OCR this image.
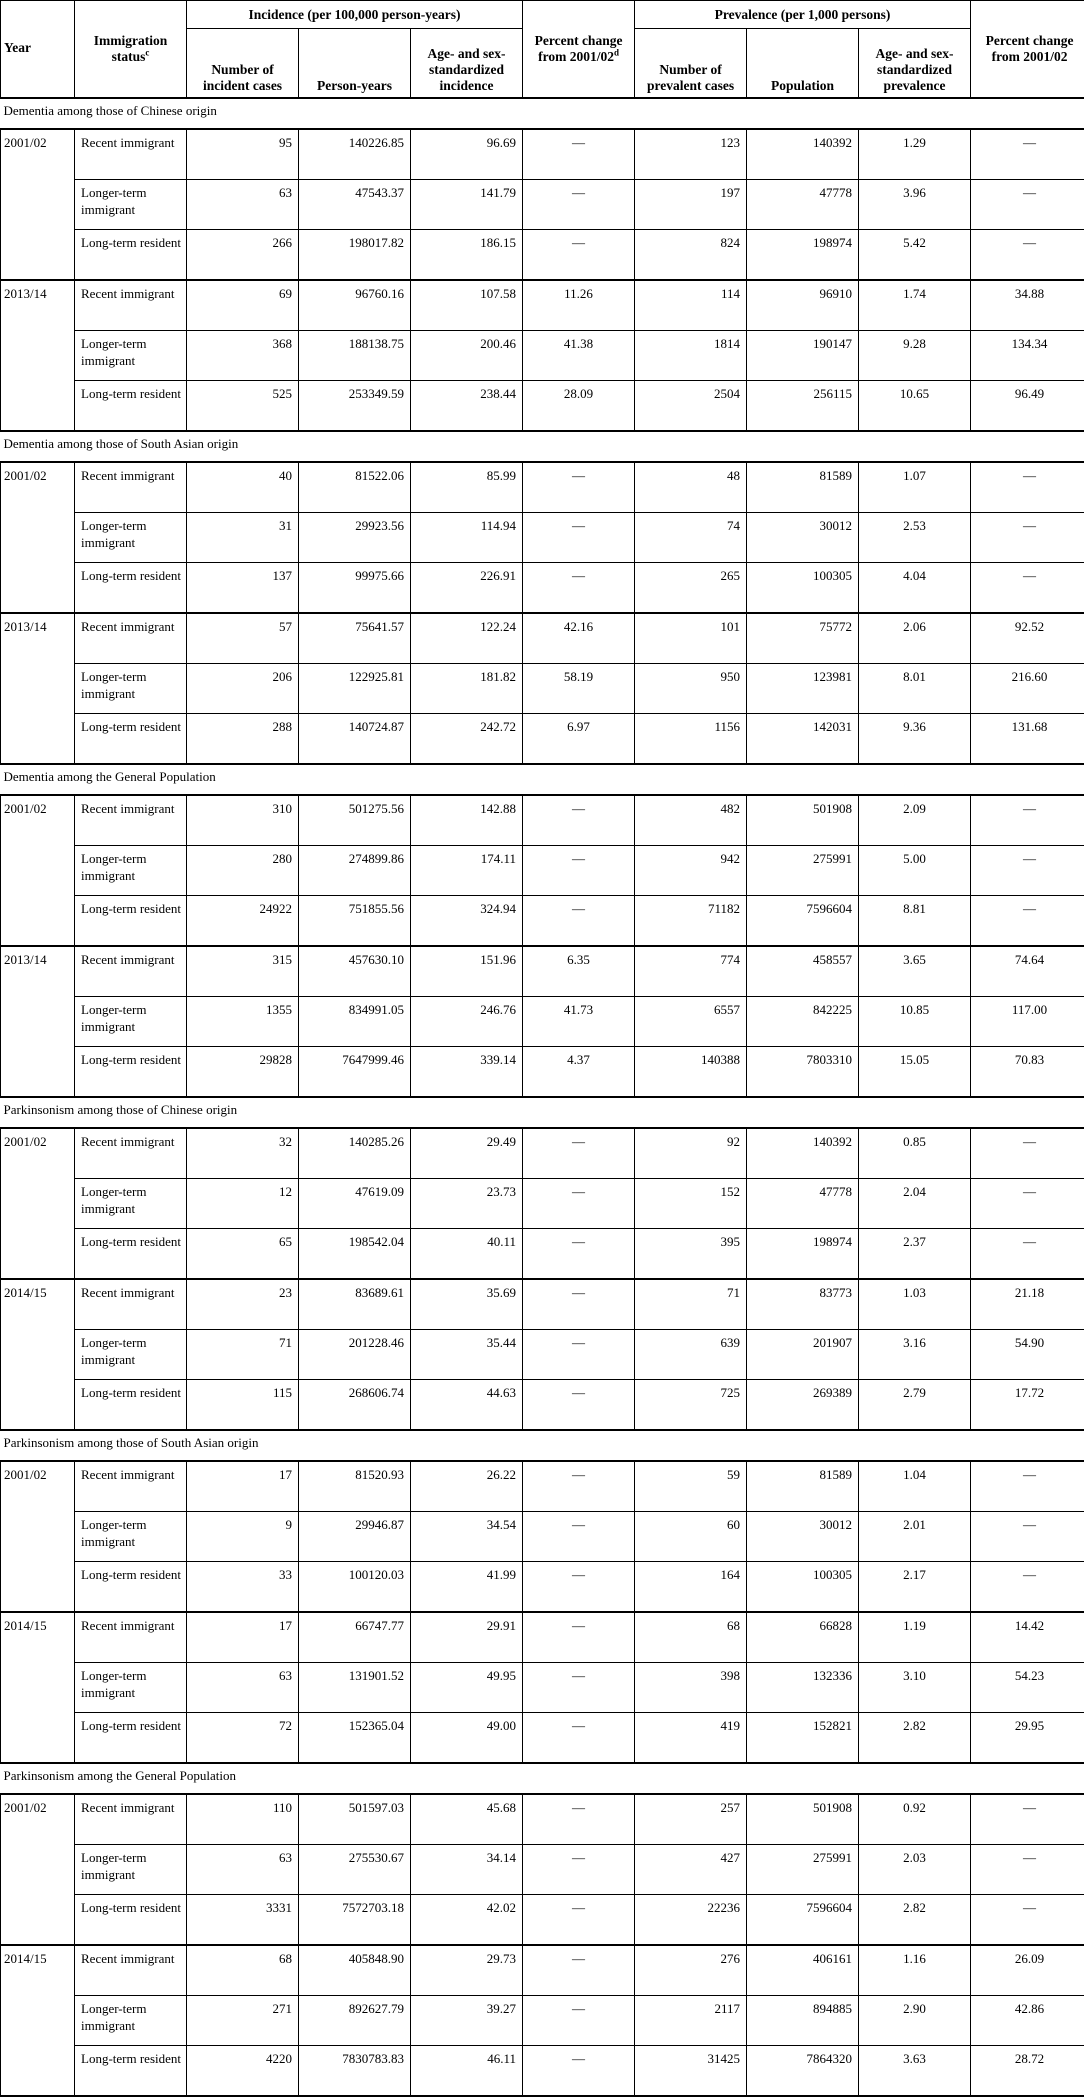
Year	Immigration status$^c$	Incidence (per 100,000 person-years)			Percent change from 2001/02$^d$	Prevalence (per 1,000 persons)			Percent change from 2001/02
		Number of incident cases	Person-years	Age- and sex-standardized incidence		Number of prevalent cases	Population	Age- and sex-standardized prevalence	
Dementia among those of Chinese origin									
2001/02	Recent immigrant	95	140226.85	96.69	—	123	140392	1.29	—
	Longer-term immigrant	63	47543.37	141.79	—	197	47778	3.96	—
	Long-term resident	266	198017.82	186.15	—	824	198974	5.42	—
2013/14	Recent immigrant	69	96760.16	107.58	11.26	114	96910	1.74	34.88
	Longer-term immigrant	368	188138.75	200.46	41.38	1814	190147	9.28	134.34
	Long-term resident	525	253349.59	238.44	28.09	2504	256115	10.65	96.49
Dementia among those of South Asian origin									
2001/02	Recent immigrant	40	81522.06	85.99	—	48	81589	1.07	—
	Longer-term immigrant	31	29923.56	114.94	—	74	30012	2.53	—
	Long-term resident	137	99975.66	226.91	—	265	100305	4.04	—
2013/14	Recent immigrant	57	75641.57	122.24	42.16	101	75772	2.06	92.52
	Longer-term immigrant	206	122925.81	181.82	58.19	950	123981	8.01	216.60
	Long-term resident	288	140724.87	242.72	6.97	1156	142031	9.36	131.68
Dementia among the General Population									
2001/02	Recent immigrant	310	501275.56	142.88	—	482	501908	2.09	—
	Longer-term immigrant	280	274899.86	174.11	—	942	275991	5.00	—
	Long-term resident	24922	751855.56	324.94	—	71182	7596604	8.81	—
2013/14	Recent immigrant	315	457630.10	151.96	6.35	774	458557	3.65	74.64
	Longer-term immigrant	1355	834991.05	246.76	41.73	6557	842225	10.85	117.00
	Long-term resident	29828	7647999.46	339.14	4.37	140388	7803310	15.05	70.83
Parkinsonism among those of Chinese origin									
2001/02	Recent immigrant	32	140285.26	29.49	—	92	140392	0.85	—
	Longer-term immigrant	12	47619.09	23.73	—	152	47778	2.04	—
	Long-term resident	65	198542.04	40.11	—	395	198974	2.37	—
2014/15	Recent immigrant	23	83689.61	35.69	—	71	83773	1.03	21.18
	Longer-term immigrant	71	201228.46	35.44	—	639	201907	3.16	54.90
	Long-term resident	115	268606.74	44.63	—	725	269389	2.79	17.72
Parkinsonism among those of South Asian origin									
2001/02	Recent immigrant	17	81520.93	26.22	—	59	81589	1.04	—
	Longer-term immigrant	9	29946.87	34.54	—	60	30012	2.01	—
	Long-term resident	33	100120.03	41.99	—	164	100305	2.17	—
2014/15	Recent immigrant	17	66747.77	29.91	—	68	66828	1.19	14.42
	Longer-term immigrant	63	131901.52	49.95	—	398	132336	3.10	54.23
	Long-term resident	72	152365.04	49.00	—	419	152821	2.82	29.95
Parkinsonism among the General Population									
2001/02	Recent immigrant	110	501597.03	45.68	—	257	501908	0.92	—
	Longer-term immigrant	63	275530.67	34.14	—	427	275991	2.03	—
	Long-term resident	3331	7572703.18	42.02	—	22236	7596604	2.82	—
2014/15	Recent immigrant	68	405848.90	29.73	—	276	406161	1.16	26.09
	Longer-term immigrant	271	892627.79	39.27	—	2117	894885	2.90	42.86
	Long-term resident	4220	7830783.83	46.11	—	31425	7864320	3.63	28.72
